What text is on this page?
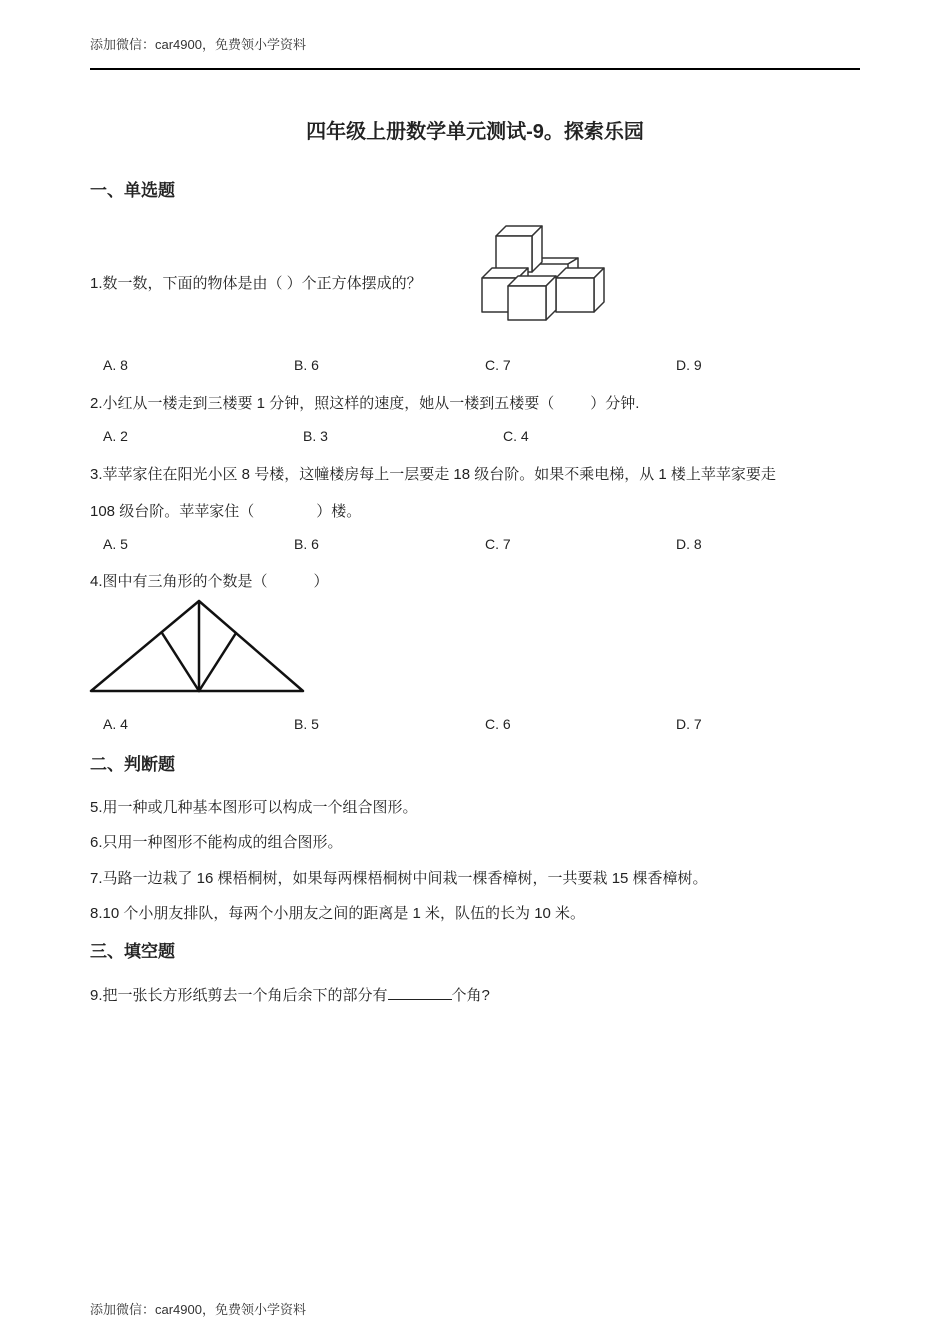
添加微信：car4900，免费领小学资料
四年级上册数学单元测试-9。探索乐园
一、单选题
1.数一数，下面的物体是由（ ）个正方体摆成的？
A. 8	B. 6	C. 7	D. 9
2.小红从一楼走到三楼要 1 分钟，照这样的速度，她从一楼到五楼要（ ）分钟.
A. 2	B. 3	C. 4
3.苹苹家住在阳光小区 8 号楼，这幢楼房每上一层要走 18 级台阶。如果不乘电梯，从 1 楼上苹苹家要走
108 级台阶。苹苹家住（	）楼。
A. 5	B. 6	C. 7	D. 8
4.图中有三角形的个数是（	）
A. 4	B. 5	C. 6	D. 7
二、判断题
5.用一种或几种基本图形可以构成一个组合图形。
6.只用一种图形不能构成的组合图形。
7.马路一边栽了 16 棵梧桐树，如果每两棵梧桐树中间栽一棵香樟树，一共要栽 15 棵香樟树。
8.10 个小朋友排队，每两个小朋友之间的距离是 1 米，队伍的长为 10 米。
三、填空题
9.把一张长方形纸剪去一个角后余下的部分有	个角?
添加微信：car4900，免费领小学资料
